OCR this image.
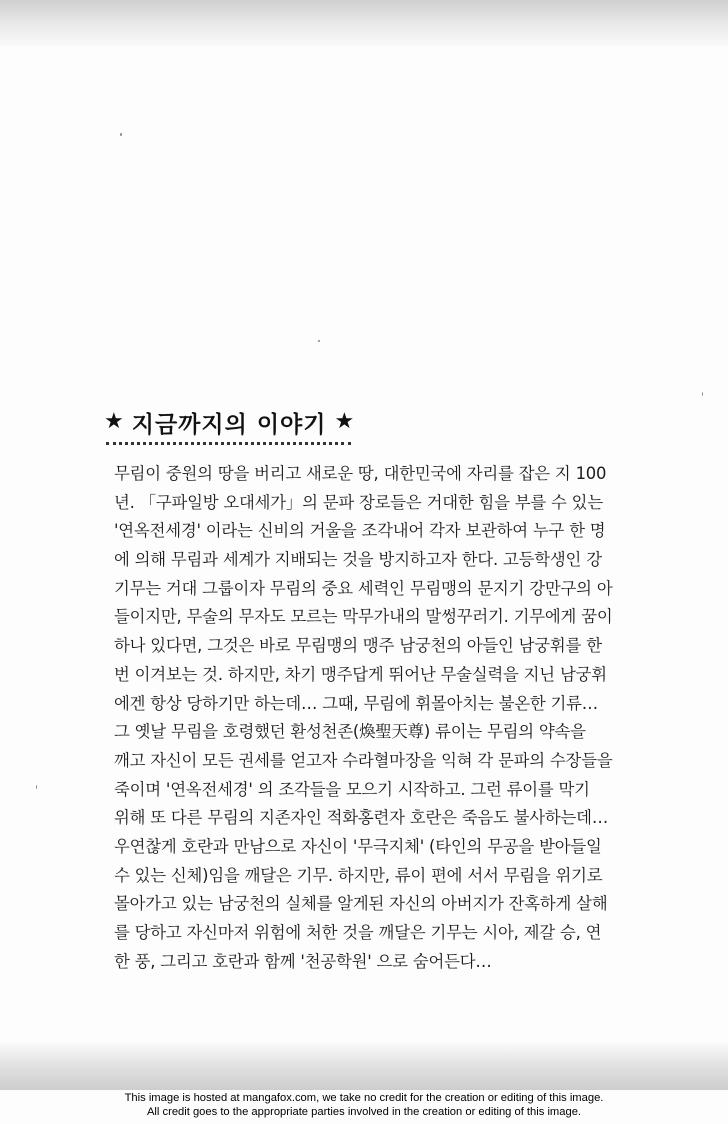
★ 지금까지의 이야기 ★
무림이 중원의 땅을 버리고 새로운 땅, 대한민국에 자리를 잡은 지 100
년. 「구파일방 오대세가」의 문파 장로들은 거대한 힘을 부를 수 있는
'연옥전세경' 이라는 신비의 거울을 조각내어 각자 보관하여 누구 한 명
에 의해 무림과 세계가 지배되는 것을 방지하고자 한다. 고등학생인 강
기무는 거대 그룹이자 무림의 중요 세력인 무림맹의 문지기 강만구의 아
들이지만, 무술의 무자도 모르는 막무가내의 말썽꾸러기. 기무에게 꿈이
하나 있다면, 그것은 바로 무림맹의 맹주 남궁천의 아들인 남궁휘를 한
번 이겨보는 것. 하지만, 차기 맹주답게 뛰어난 무술실력을 지닌 남궁휘
에겐 항상 당하기만 하는데… 그때, 무림에 휘몰아치는 불온한 기류…
그 옛날 무림을 호령했던 환성천존(煥聖天尊) 류이는 무림의 약속을
깨고 자신이 모든 권세를 얻고자 수라혈마장을 익혀 각 문파의 수장들을
죽이며 '연옥전세경' 의 조각들을 모으기 시작하고. 그런 류이를 막기
위해 또 다른 무림의 지존자인 적화홍련자 호란은 죽음도 불사하는데…
우연찮게 호란과 만남으로 자신이 '무극지체' (타인의 무공을 받아들일
수 있는 신체)임을 깨달은 기무. 하지만, 류이 편에 서서 무림을 위기로
몰아가고 있는 남궁천의 실체를 알게된 자신의 아버지가 잔혹하게 살해
를 당하고 자신마저 위험에 처한 것을 깨달은 기무는 시아, 제갈 승, 연
한 풍, 그리고 호란과 함께 '천공학원' 으로 숨어든다…
This image is hosted at mangafox.com, we take no credit for the creation or editing of this image.
All credit goes to the appropriate parties involved in the creation or editing of this image.
